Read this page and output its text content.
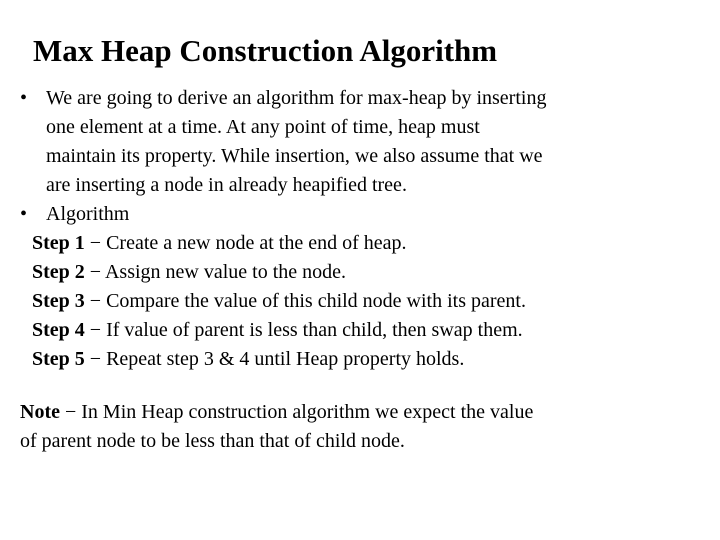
Max Heap Construction Algorithm
• We are going to derive an algorithm for max-heap by inserting
one element at a time. At any point of time, heap must
maintain its property. While insertion, we also assume that we
are inserting a node in already heapified tree.
• Algorithm
Step 1 − Create a new node at the end of heap.
Step 2 − Assign new value to the node.
Step 3 − Compare the value of this child node with its parent.
Step 4 − If value of parent is less than child, then swap them.
Step 5 − Repeat step 3 & 4 until Heap property holds.
Note − In Min Heap construction algorithm we expect the value
of parent node to be less than that of child node.
